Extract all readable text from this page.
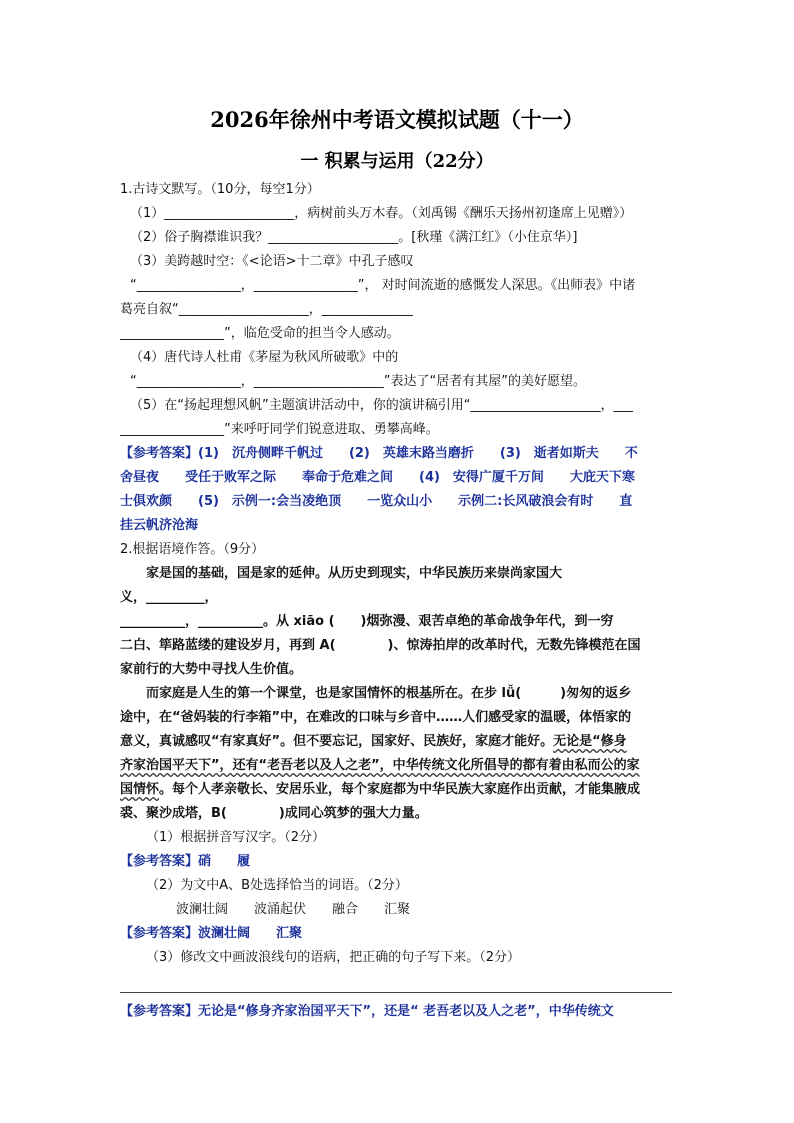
2026年徐州中考语文模拟试题（十一）
一 积累与运用（22分）
1.古诗文默写。（10分，每空1分）
（1）____________________，病树前头万木春。（刘禹锡《酬乐天扬州初逢席上见赠》）
（2）俗子胸襟谁识我？____________________。[秋瑾《满江红》（小住京华）]
（3）美跨越时空：《<论语>十二章》中孔子感叹
“________________，________________”， 对时间流逝的感慨发人深思。《出师表》中诸
葛亮自叙“____________________，______________
________________”，临危受命的担当令人感动。
（4）唐代诗人杜甫《茅屋为秋风所破歌》中的
“________________，____________________”表达了“居者有其屋”的美好愿望。
（5）在“扬起理想风帆”主题演讲活动中，你的演讲稿引用“____________________，___
________________”来呼吁同学们锐意进取、勇攀高峰。
【参考答案】(1)　沉舟侧畔千帆过　　(2)　英雄末路当磨折　　(3)　逝者如斯夫　　不
舍昼夜　　受任于败军之际　　奉命于危难之间　　(4)　安得广厦千万间　　大庇天下寒
士俱欢颜　　(5)　示例一:会当凌绝顶　　一览众山小　　示例二:长风破浪会有时　　直
挂云帆济沧海
2.根据语境作答。（9分）
家是国的基础，国是家的延伸。从历史到现实，中华民族历来崇尚家国大
义，_________，
__________，__________。从 xiāo (　　)烟弥漫、艰苦卓绝的革命战争年代，到一穷
二白、筚路蓝缕的建设岁月，再到 A(　　　　)、惊涛拍岸的改革时代，无数先锋模范在国
家前行的大势中寻找人生价值。
而家庭是人生的第一个课堂，也是家国情怀的根基所在。在步 lǚ(　　　)匆匆的返乡
途中，在“爸妈装的行李箱”中，在难改的口味与乡音中……人们感受家的温暖，体悟家的
意义，真诚感叹“有家真好”。但不要忘记，国家好、民族好，家庭才能好。无论是“修身
齐家治国平天下”，还有“老吾老以及人之老”，中华传统文化所倡导的都有着由私而公的家
国情怀。每个人孝亲敬长、安居乐业，每个家庭都为中华民族大家庭作出贡献，才能集腋成
裘、聚沙成塔，B(　　　　)成同心筑梦的强大力量。
（1）根据拼音写汉字。（2分）
【参考答案】硝　　履
（2）为文中A、B处选择恰当的词语。（2分）
波澜壮阔 波涌起伏 融合 汇聚
【参考答案】波澜壮阔　　汇聚
（3）修改文中画波浪线句的语病，把正确的句子写下来。（2分）
【参考答案】无论是“修身齐家治国平天下”，还是“ 老吾老以及人之老”，中华传统文
